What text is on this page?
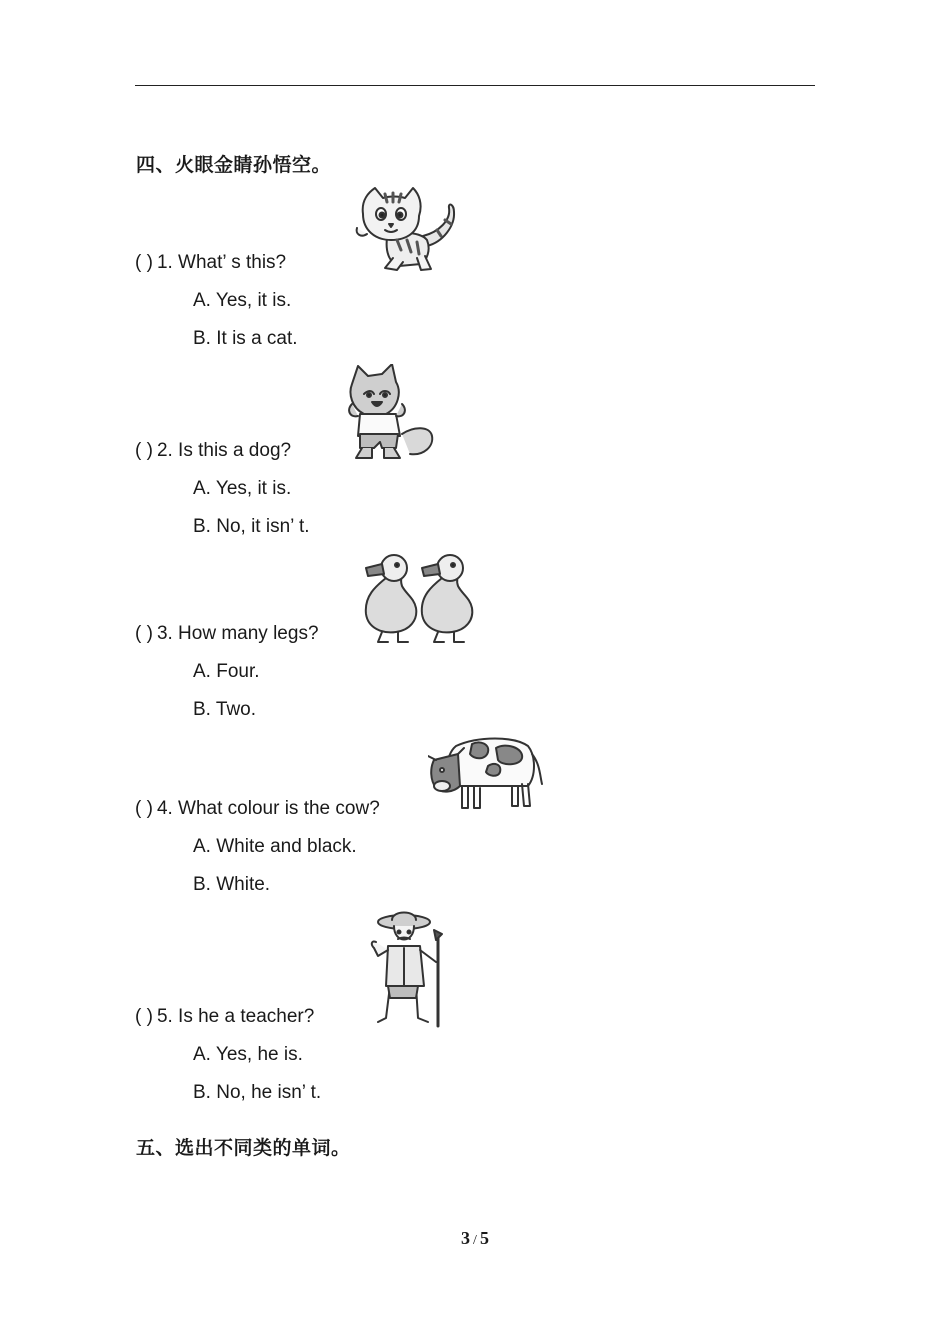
四、火眼金睛孙悟空。
( ) 1. What’ s this?
A. Yes, it is.
B. It is a cat.
( ) 2. Is this a dog?
A. Yes, it is.
B. No, it isn’ t.
( ) 3. How many legs?
A. Four.
B. Two.
( ) 4. What colour is the cow?
A. White and black.
B. White.
( ) 5. Is he a teacher?
A. Yes, he is.
B. No, he isn’ t.
五、选出不同类的单词。
3 / 5
